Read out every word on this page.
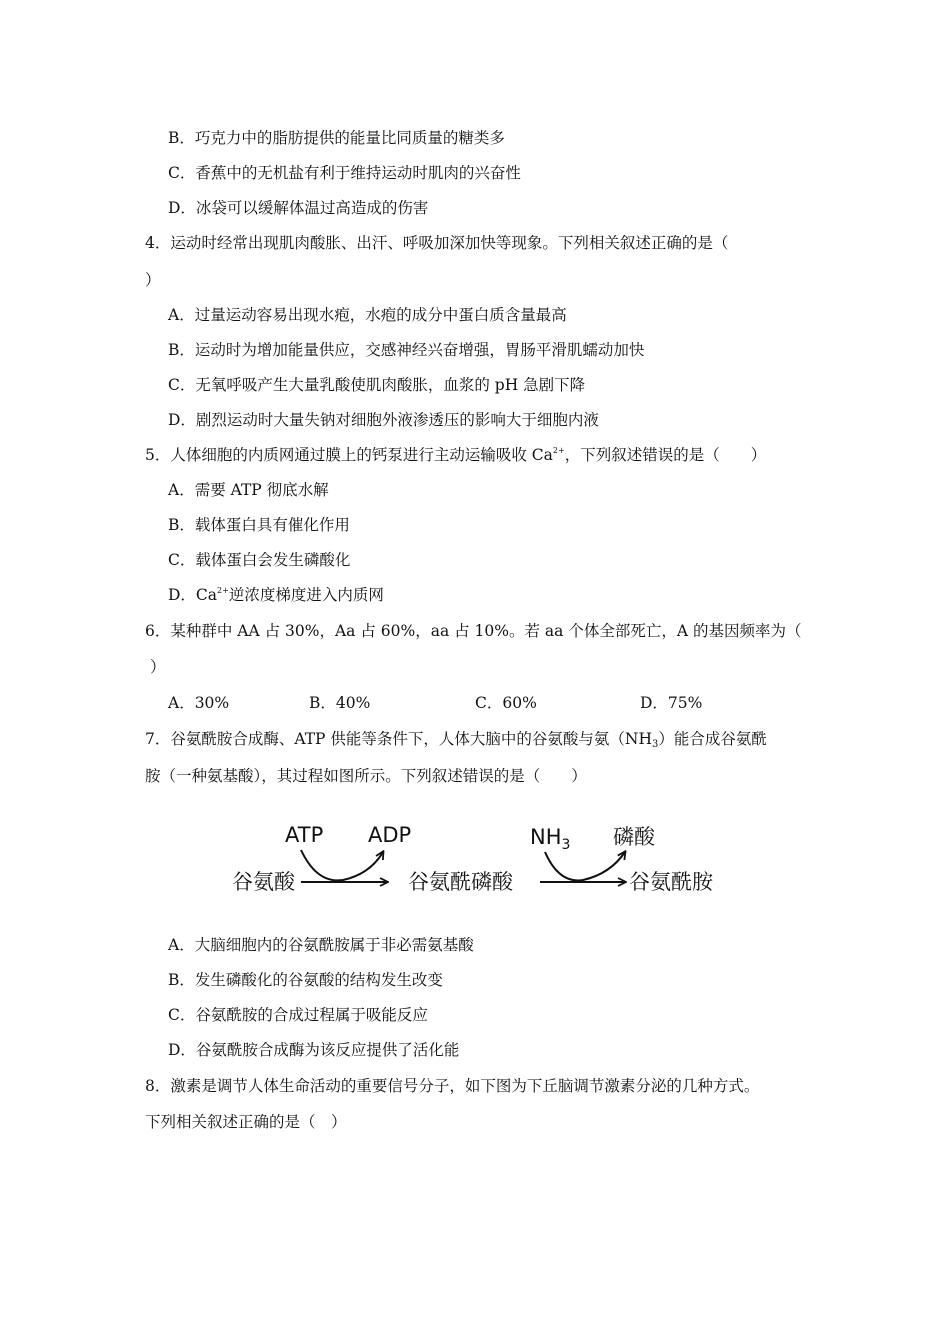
B．巧克力中的脂肪提供的能量比同质量的糖类多
C．香蕉中的无机盐有利于维持运动时肌肉的兴奋性
D．冰袋可以缓解体温过高造成的伤害
4．运动时经常出现肌肉酸胀、出汗、呼吸加深加快等现象。下列相关叙述正确的是（
）
A．过量运动容易出现水疱，水疱的成分中蛋白质含量最高
B．运动时为增加能量供应，交感神经兴奋增强，胃肠平滑肌蠕动加快
C．无氧呼吸产生大量乳酸使肌肉酸胀，血浆的 pH 急剧下降
D．剧烈运动时大量失钠对细胞外液渗透压的影响大于细胞内液
5．人体细胞的内质网通过膜上的钙泵进行主动运输吸收 $Ca^{2+}$，下列叙述错误的是（　　）
A．需要 ATP 彻底水解
B．载体蛋白具有催化作用
C．载体蛋白会发生磷酸化
D．$Ca^{2+}$逆浓度梯度进入内质网
6．某种群中 AA 占 30%，Aa 占 60%，aa 占 10%。若 aa 个体全部死亡，A 的基因频率为（
）
A．30%	B．40%	C．60%	D．75%
7．谷氨酰胺合成酶、ATP 供能等条件下，人体大脑中的谷氨酸与氨$(NH_3)$能合成谷氨酰
胺（一种氨基酸），其过程如图所示。下列叙述错误的是（　　）
ATP ADP
谷氨酸	谷氨酰磷酸
$NH_3$ 磷酸
谷氨酰胺
A．大脑细胞内的谷氨酰胺属于非必需氨基酸
B．发生磷酸化的谷氨酸的结构发生改变
C．谷氨酰胺的合成过程属于吸能反应
D．谷氨酰胺合成酶为该反应提供了活化能
8．激素是调节人体生命活动的重要信号分子，如下图为下丘脑调节激素分泌的几种方式。
下列相关叙述正确的是（　）
